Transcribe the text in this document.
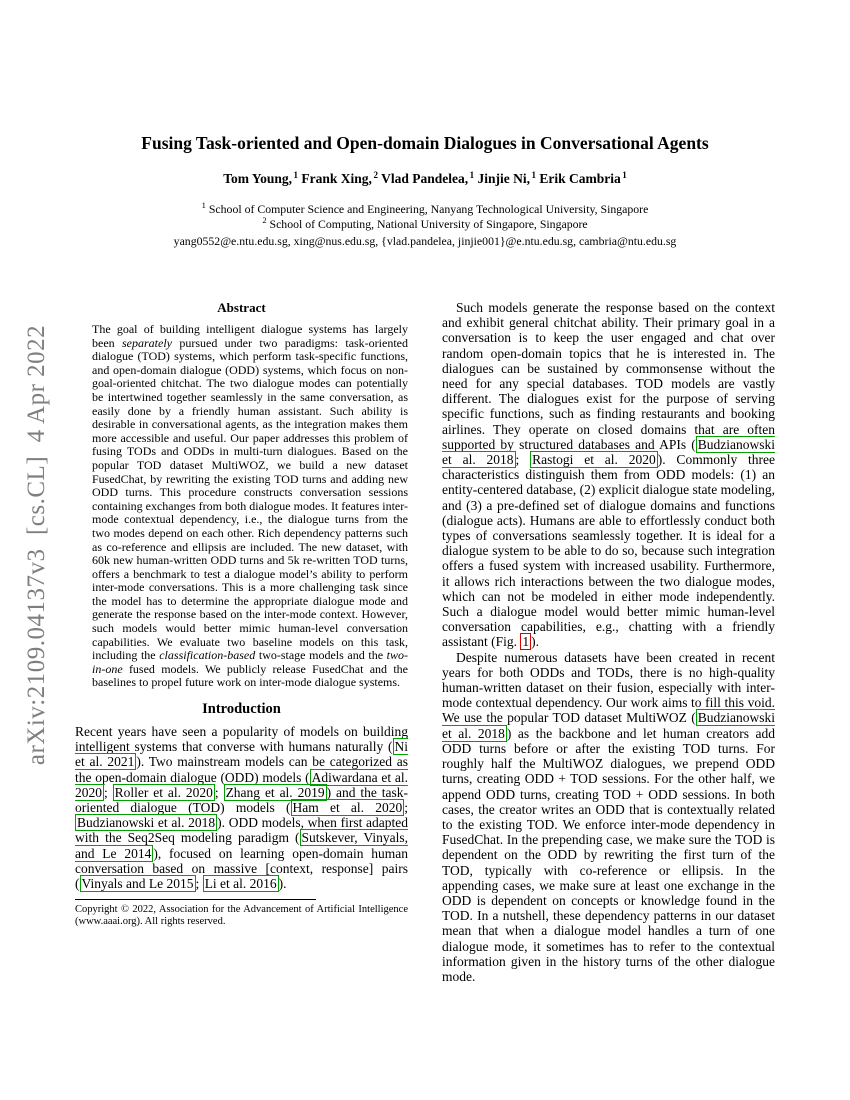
arXiv:2109.04137v3  [cs.CL]  4 Apr 2022
Fusing Task-oriented and Open-domain Dialogues in Conversational Agents
Tom Young, $^1$ Frank Xing, $^2$ Vlad Pandelea, $^1$ Jinjie Ni, $^1$ Erik Cambria $^1$
$^1$ School of Computer Science and Engineering, Nanyang Technological University, Singapore
$^2$ School of Computing, National University of Singapore, Singapore
yang0552@e.ntu.edu.sg, xing@nus.edu.sg, {vlad.pandelea, jinjie001}@e.ntu.edu.sg, cambria@ntu.edu.sg
Abstract

The goal of building intelligent dialogue systems has largely been separately pursued under two paradigms: task-oriented dialogue (TOD) systems, which perform task-specific functions, and open-domain dialogue (ODD) systems, which focus on non-goal-oriented chitchat. The two dialogue modes can potentially be intertwined together seamlessly in the same conversation, as easily done by a friendly human assistant. Such ability is desirable in conversational agents, as the integration makes them more accessible and useful. Our paper addresses this problem of fusing TODs and ODDs in multi-turn dialogues. Based on the popular TOD dataset MultiWOZ, we build a new dataset FusedChat, by rewriting the existing TOD turns and adding new ODD turns. This procedure constructs conversation sessions containing exchanges from both dialogue modes. It features inter-mode contextual dependency, i.e., the dialogue turns from the two modes depend on each other. Rich dependency patterns such as co-reference and ellipsis are included. The new dataset, with 60k new human-written ODD turns and 5k re-written TOD turns, offers a benchmark to test a dialogue model’s ability to perform inter-mode conversations. This is a more challenging task since the model has to determine the appropriate dialogue mode and generate the response based on the inter-mode context. However, such models would better mimic human-level conversation capabilities. We evaluate two baseline models on this task, including the classification-based two-stage models and the two-in-one fused models. We publicly release FusedChat and the baselines to propel future work on inter-mode dialogue systems.

Introduction

Recent years have seen a popularity of models on building intelligent systems that converse with humans naturally ( Ni et al. 2021 ). Two mainstream models can be categorized as the open-domain dialogue (ODD) models ( Adiwardana et al. 2020 ; Roller et al. 2020 ; Zhang et al. 2019 ) and the task-oriented dialogue (TOD) models ( Ham et al. 2020 ; Budzianowski et al. 2018 ). ODD models, when first adapted with the Seq2Seq modeling paradigm ( Sutskever, Vinyals, and Le 2014 ), focused on learning open-domain human conversation based on massive [context, response] pairs ( Vinyals and Le 2015 ; Li et al. 2016 ).

Copyright © 2022, Association for the Advancement of Artificial Intelligence (www.aaai.org). All rights reserved.

Such models generate the response based on the context and exhibit general chitchat ability. Their primary goal in a conversation is to keep the user engaged and chat over random open-domain topics that he is interested in. The dialogues can be sustained by commonsense without the need for any special databases. TOD models are vastly different. The dialogues exist for the purpose of serving specific functions, such as finding restaurants and booking airlines. They operate on closed domains that are often supported by structured databases and APIs ( Budzianowski et al. 2018 ; Rastogi et al. 2020 ). Commonly three characteristics distinguish them from ODD models: (1) an entity-centered database, (2) explicit dialogue state modeling, and (3) a pre-defined set of dialogue domains and functions (dialogue acts). Humans are able to effortlessly conduct both types of conversations seamlessly together. It is ideal for a dialogue system to be able to do so, because such integration offers a fused system with increased usability. Furthermore, it allows rich interactions between the two dialogue modes, which can not be modeled in either mode independently. Such a dialogue model would better mimic human-level conversation capabilities, e.g., chatting with a friendly assistant (Fig. 1 ).

Despite numerous datasets have been created in recent years for both ODDs and TODs, there is no high-quality human-written dataset on their fusion, especially with inter-mode contextual dependency. Our work aims to fill this void. We use the popular TOD dataset MultiWOZ ( Budzianowski et al. 2018 ) as the backbone and let human creators add ODD turns before or after the existing TOD turns. For roughly half the MultiWOZ dialogues, we prepend ODD turns, creating ODD + TOD sessions. For the other half, we append ODD turns, creating TOD + ODD sessions. In both cases, the creator writes an ODD that is contextually related to the existing TOD. We enforce inter-mode dependency in FusedChat. In the prepending case, we make sure the TOD is dependent on the ODD by rewriting the first turn of the TOD, typically with co-reference or ellipsis. In the appending cases, we make sure at least one exchange in the ODD is dependent on concepts or knowledge found in the TOD. In a nutshell, these dependency patterns in our dataset mean that when a dialogue model handles a turn of one dialogue mode, it sometimes has to refer to the contextual information given in the history turns of the other dialogue mode.
